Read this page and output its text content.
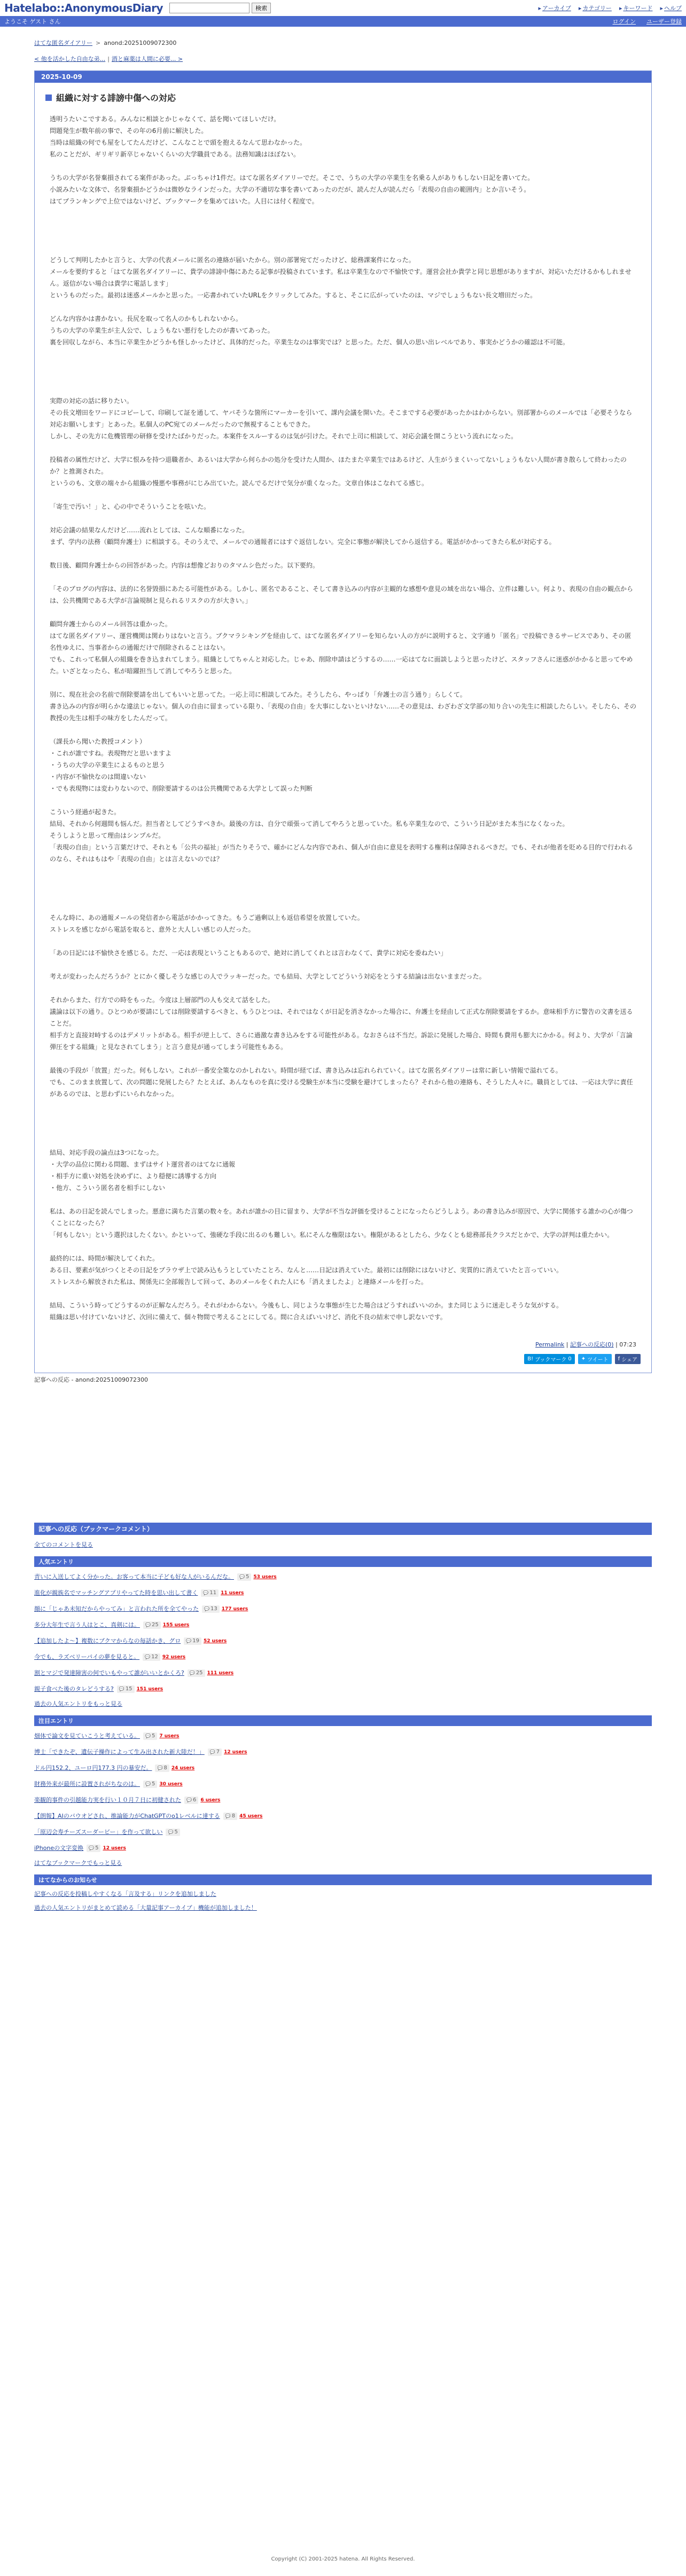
Hatelabo::AnonymousDiary	検索	▸ アーカイブ	▸ カテゴリー	▸ キーワード	▸ ヘルプ
ようこそ ゲスト さん	ログイン ユーザー登録
はてな匿名ダイアリー > anond:20251009072300
< 他を活かした自由な弟... | 酒と麻薬は人間に必要... >
2025-10-09
組織に対する誹謗中傷への対応

透明うたいこですある。みんなに相談とかじゃなくて、話を聞いてほしいだけ。

問題発生が数年前の事で、その年の6月前に解決した。

当時は組織の何でも屋をしてたんだけど、こんなことで頭を抱えるなんて思わなかった。

私のことだが、ギリギリ新卒じゃないくらいの大学職員である。法務知識はほぼない。

うちの大学が名誉棄損されてる案件があった。ぶっちゃけ1件だ。はてな匿名ダイアリーでだ。そこで、うちの大学の卒業生を名乗る人がありもしない日記を書いてた。

小説みたいな文体で、名誉棄損かどうかは微妙なラインだった。大学の不適切な事を書いてあったのだが、読んだ人が読んだら「表現の自由の範囲内」とか言いそう。

はてブランキングで上位ではないけど、ブックマークを集めてはいた。人目には付く程度で。

どうして判明したかと言うと、大学の代表メールに匿名の連絡が届いたから。別の部署宛てだったけど、総務課案件になった。

メールを要約すると「はてな匿名ダイアリーに、貴学の誹謗中傷にあたる記事が投稿されています。私は卒業生なので不愉快です。運営会社か貴学と同じ思想がありますが、対応いただけるかもしれません。返信がない場合は貴学に電話します」

というものだった。最初は迷惑メールかと思った。一応書かれていたURLをクリックしてみた。すると、そこに広がっていたのは、マジでしょうもない長文増田だった。

どんな内容かは書かない。長尻を取って名人のかもしれないから。

うちの大学の卒業生が主人公で、しょうもない悪行をしたのが書いてあった。

裏を回収しながら、本当に卒業生かどうかも怪しかったけど、具体的だった。卒業生なのは事実では？と思った。ただ、個人の思い出レベルであり、事実かどうかの確認は不可能。

実際の対応の話に移りたい。

その長文増田をワードにコピーして、印刷して証を通して、ヤバそうな箇所にマーカーを引いて、課内会議を開いた。そこまでする必要があったかはわからない。別部署からのメールでは「必要そうなら対応お願いします」とあった。私個人のPC宛てのメールだったので無視することもできた。

しかし、その先方に危機管理の研修を受けたばかりだった。本案件をスルーするのは気が引けた。それで上司に相談して、対応会議を開こうという流れになった。

投稿者の属性だけど、大学に恨みを持つ退職者か、あるいは大学から何らかの処分を受けた人間か、ほたまた卒業生ではあるけど、人生がうまくいってないしょうもない人間が書き散らして終わったのか？と推測された。

というのも、文章の端々から組織の慢悪や事務がにじみ出ていた。読んでるだけで気分が重くなった。文章自体はこなれてる感じ。

「寄生で汚い！」と、心の中でそういうことを呟いた。

対応会議の結果なんだけど……流れとしては、こんな順番になった。

まず、学内の法務（顧問弁護士）に相談する。そのうえで、メールでの通報者にはすぐ返信しない。完全に事態が解決してから返信する。電話がかかってきたら私が対応する。

数日後、顧問弁護士からの回答があった。内容は想像どおりのタマムシ色だった。以下要約。

「そのブログの内容は、法的に名誉毀損にあたる可能性がある。しかし、匿名であること、そして書き込みの内容が主観的な感想や意見の域を出ない場合、立件は難しい。何より、表現の自由の観点からは、公共機関である大学が言論規制と見られるリスクの方が大きい。」

顧問弁護士からのメール回答は重かった。

はてな匿名ダイアリー、運営機関は関わりはないと言う。ブクマラシキングを経由して、はてな匿名ダイアリーを知らない人の方がに説明すると、文字通り「匿名」で投稿できるサービスであり、その匿名性ゆえに、当事者からの通報だけで削除されることはない。

でも、これって私個人の組織を巻き込まれてしまう。組織としてちゃんと対応した。じゃあ、削除申請はどうするの……一応はてなに面談しようと思ったけど、スタッフさんに迷惑がかかると思ってやめた。いざとなったら、私が暗躍担当して消してやろうと思った。

別に、現在社会の名前で削除要請を出してもいいと思ってた。一応上司に相談してみた。そうしたら、やっぱり「弁護士の言う通り」らしくて。

書き込みの内容が明らかな違法じゃない。個人の自由に留まっている限り、「表現の自由」を大事にしないといけない……その意見は、わざわざ文学部の知り合いの先生に相談したらしい。そしたら、その教授の先生は相手の味方をしたんだって。

（課長から聞いた教授コメント）

・これが誰ですね。表現物だと思いますよ

・うちの大学の卒業生によるものと思う

・内容が不愉快なのは間違いない

・でも表現物には変わりないので、削除要請するのは公共機関である大学として誤った判断

こういう経過が起きた。

結局、それから何週間も悩んだ。担当者としてどうすべきか。最後の方は、自分で頑張って消してやろうと思っていた。私も卒業生なので、こういう日記がまた本当になくなった。

そうしようと思って理由はシンプルだ。

「表現の自由」という言葉だけで、それとも「公共の福祉」が当たりそうで、確かにどんな内容であれ、個人が自由に意見を表明する権利は保障されるべきだ。でも、それが他者を貶める目的で行われるのなら、それはもはや「表現の自由」とは言えないのでは？

そんな時に、あの通報メールの発信者から電話がかかってきた。もうご過剰以上も返信希望を放置していた。

ストレスを感じながら電話を取ると、意外と大人しい感じの人だった。

「あの日記には不愉快さを感じる。ただ、一応は表現ということもあるので、絶対に消してくれとは言わなくて、貴学に対応を委ねたい」

考えが変わったんだろうか？とにかく優しそうな感じの人でラッキーだった。でも結局、大学としてどういう対応をとうする結論は出ないままだった。

それからまた、行方での時をもった。今度は上層部門の人も交えて話をした。

議論は以下の通り。ひとつめが要請にしては削除要請するべきと、もうひとつは、それではなくが日記を消さなかった場合に、弁護士を経由して正式な削除要請をするか。意味相手方に警告の文書を送ることだ。

相手方と直接対峙するのはデメリットがある。相手が逆上して、さらに過激な書き込みをする可能性がある。なおさらは不当だ。訴訟に発展した場合、時間も費用も膨大にかかる。何より、大学が「言論弾圧をする組織」と見なされてしまう」と言う意見が通ってしまう可能性もある。

最後の手段が「放置」だった。何もしない。これが一番安全策なのかしれない。時間が経てば、書き込みは忘れられていく。はてな匿名ダイアリーは常に新しい情報で溢れてる。

でも、このまま放置して、次の問題に発展したら？たとえば、あんなものを真に受ける受験生が本当に受験を避けてしまったら？それから他の連絡も、そうした人々に。職員としては、一応は大学に責任があるのでは、と思わずにいられなかった。

結局、対応手段の論点は3つになった。

・大学の品位に関わる問題、まずはサイト運営者のはてなに通報

・相手方に重い対処を決めずに、より穏便に誘導する方向

・他方、こういう匿名者を相手にしない

私は、あの日記を読んでしまった。悪意に満ちた言葉の数々を。あれが誰かの目に留まり、大学が不当な評価を受けることになったらどうしよう。あの書き込みが原因で、大学に関係する誰かの心が傷つくことになったら？

「何もしない」という選択はしたくない。かといって、強硬な手段に出るのも難しい。私にそんな権限はない。権限があるとしたら、少なくとも総務部長クラスだとかで、大学の評判は重たかい。

最終的には、時間が解決してくれた。

ある日、要素が気がつくとその日記をブラウザ上で読み込もうとしていたことろ、なんと……日記は消えていた。最初には削除にはないけど、実質的に消えていたと言っていい。

ストレスから解放された私は、関係先に全部報告して回って、あのメールをくれた人にも「消えましたよ」と連絡メールを打った。

結局、こういう時ってどうするのが正解なんだろう。それがわからない。今後もし、同じような事態が生じた場合はどうすればいいのか。また同じように迷走しそうな気がする。

組織は思い付けていないけど、次回に備えて、個々物間で考えることにしてる。間に合えばいいけど、消化不良の結末で申し訳ないです。

Permalink | 記事への反応(0) | 07:23
B! ブックマーク 0 ✦ ツイート f シェア
記事への反応 - anond:20251009072300
記事への反応（ブックマークコメント）
全てのコメントを見る
人気エントリ
青いに入送してよく分かった。お客って本当に子ども好な人がいるんだな。 💬 5 53 users
進化が親族名でマッチングアプリやってた時を思い出して書く 💬 11 11 users
顔に「じゃあ未知だからやってみ」と言われた所を全てやった 💬 13 177 users
多分大年生で言う人はとこ、真剣には。 💬 25 155 users
【追加したよ～】複数にブクマからなの毎話かき、グロ 💬 19 52 users
今でも、ラズベリーパイの夢を見ると。 💬 12 92 users
割とマジで発達障害の何でいもやって誰がいいとかくろ? 💬 25 111 users
親子食べた後のタレどうする? 💬 15 151 users
過去の人気エントリをもっと見る
注目エントリ
畑体で論文を見ていこうと考えている。 💬 5 7 users
博士「できたぞ、遺伝子操作によって生み出された新大陸だ！」 💬 7 12 users
ドル円152.2、ユーロ円177.3 円の暴安だ。 💬 8 24 users
財務外来が最所に設置されがちなのは。 💬 5 30 users
楽観的事件の引越能力実を行い１０月７日に初健された 💬 6 6 users
【朗報】AIのバウオどされ、推論能力がChatGPTのo1レベルに達する 💬 8 45 users
「原辺会寿チーズスーダービー」を作って欲しい 💬 5
iPhoneの文字変換 💬 5 12 users
はてなブックマークでもっと見る
はてなからのお知らせ
記事への反応を投稿しやすくなる「言及する」リンクを追加しました
過去の人気エントリがまとめて読める「大量記事アーカイブ」機能が追加しました！
Copyright (C) 2001-2025 hatena. All Rights Reserved.
